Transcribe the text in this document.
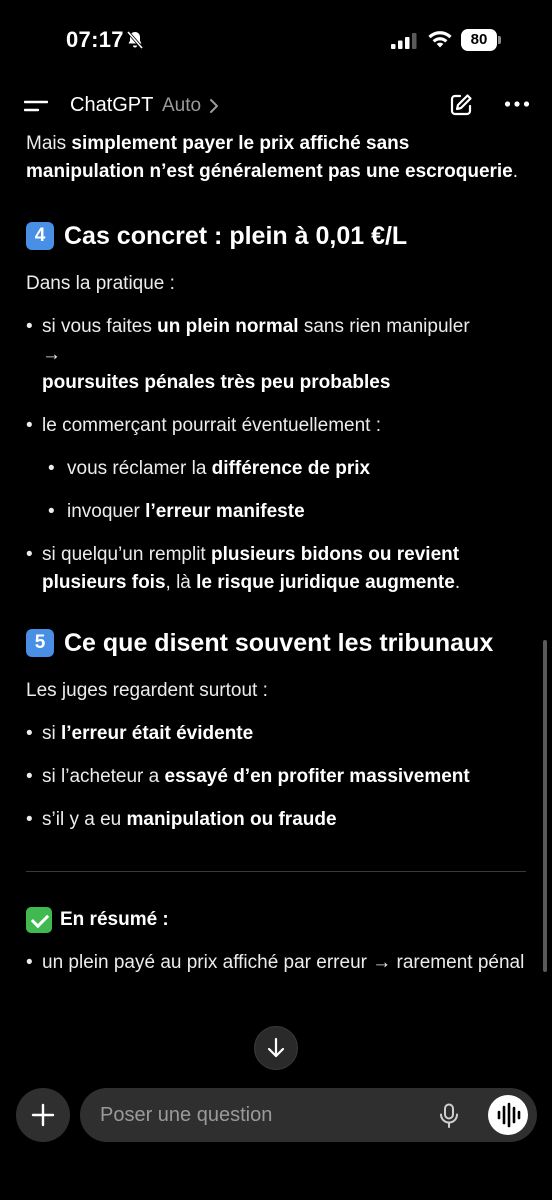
07:17	80
ChatGPT Auto
Mais simplement payer le prix affiché sans manipulation n’est généralement pas une escroquerie.
4 Cas concret : plein à 0,01 €/L
Dans la pratique :
• si vous faites un plein normal sans rien manipuler
→
poursuites pénales très peu probables
• le commerçant pourrait éventuellement :
• vous réclamer la différence de prix
• invoquer l’erreur manifeste
• si quelqu’un remplit plusieurs bidons ou revient plusieurs fois, là le risque juridique augmente.
5 Ce que disent souvent les tribunaux
Les juges regardent surtout :
• si l’erreur était évidente
• si l’acheteur a essayé d’en profiter massivement
• s’il y a eu manipulation ou fraude
En résumé :
• un plein payé au prix affiché par erreur → rarement pénal
Poser une question
